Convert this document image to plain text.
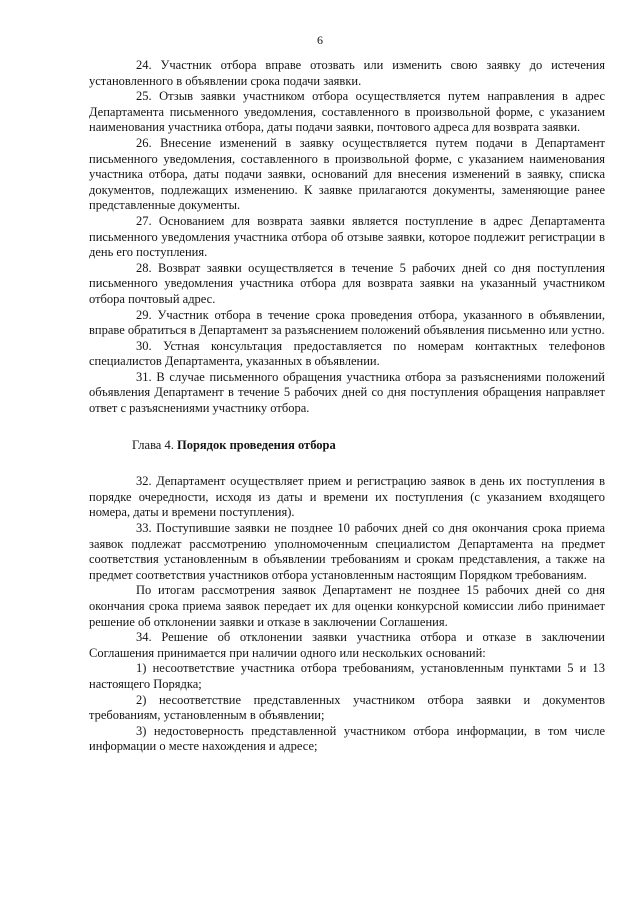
6

24. Участник отбора вправе отозвать или изменить свою заявку до истечения установленного в объявлении срока подачи заявки.

25. Отзыв заявки участником отбора осуществляется путем направления в адрес Департамента письменного уведомления, составленного в произвольной форме, с указанием наименования участника отбора, даты подачи заявки, почтового адреса для возврата заявки.

26. Внесение изменений в заявку осуществляется путем подачи в Департамент письменного уведомления, составленного в произвольной форме, с указанием наименования участника отбора, даты подачи заявки, оснований для внесения изменений в заявку, списка документов, подлежащих изменению. К заявке прилагаются документы, заменяющие ранее представленные документы.

27. Основанием для возврата заявки является поступление в адрес Департамента письменного уведомления участника отбора об отзыве заявки, которое подлежит регистрации в день его поступления.

28. Возврат заявки осуществляется в течение 5 рабочих дней со дня поступления письменного уведомления участника отбора для возврата заявки на указанный участником отбора почтовый адрес.

29. Участник отбора в течение срока проведения отбора, указанного в объявлении, вправе обратиться в Департамент за разъяснением положений объявления письменно или устно.

30. Устная консультация предоставляется по номерам контактных телефонов специалистов Департамента, указанных в объявлении.

31. В случае письменного обращения участника отбора за разъяснениями положений объявления Департамент в течение 5 рабочих дней со дня поступления обращения направляет ответ с разъяснениями участнику отбора.

Глава 4. Порядок проведения отбора

32. Департамент осуществляет прием и регистрацию заявок в день их поступления в порядке очередности, исходя из даты и времени их поступления (с указанием входящего номера, даты и времени поступления).

33. Поступившие заявки не позднее 10 рабочих дней со дня окончания срока приема заявок подлежат рассмотрению уполномоченным специалистом Департамента на предмет соответствия установленным в объявлении требованиям и срокам представления, а также на предмет соответствия участников отбора установленным настоящим Порядком требованиям.

По итогам рассмотрения заявок Департамент не позднее 15 рабочих дней со дня окончания срока приема заявок передает их для оценки конкурсной комиссии либо принимает решение об отклонении заявки и отказе в заключении Соглашения.

34. Решение об отклонении заявки участника отбора и отказе в заключении Соглашения принимается при наличии одного или нескольких оснований:

1) несоответствие участника отбора требованиям, установленным пунктами 5 и 13 настоящего Порядка;

2) несоответствие представленных участником отбора заявки и документов требованиям, установленным в объявлении;

3) недостоверность представленной участником отбора информации, в том числе информации о месте нахождения и адресе;
